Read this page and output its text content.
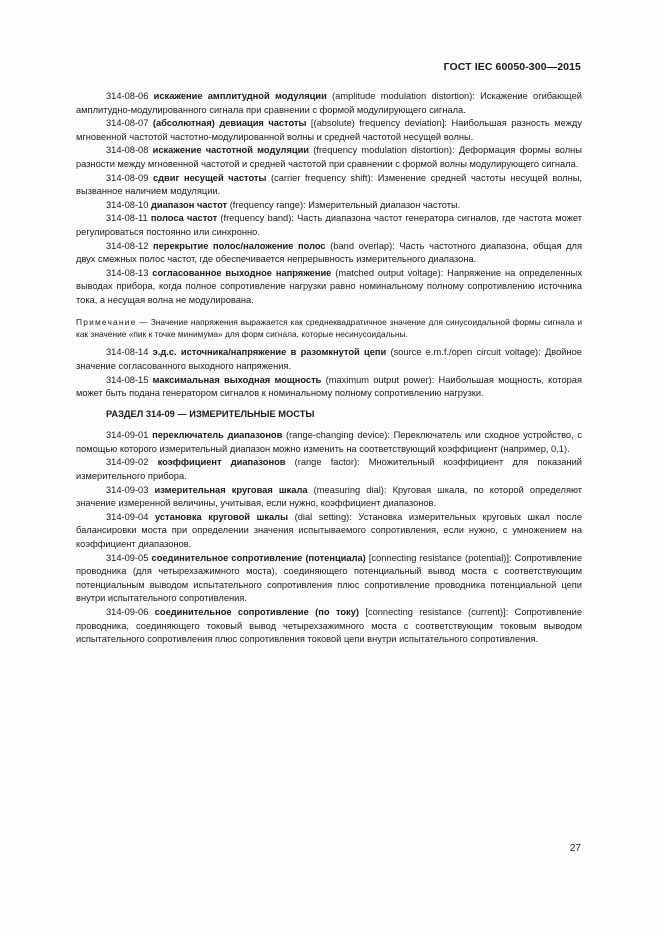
ГОСТ IEC 60050-300—2015

314-08-06 искажение амплитудной модуляции (amplitude modulation distortion): Искажение огибающей амплитудно-модулированного сигнала при сравнении с формой модулирующего сигнала.

314-08-07 (абсолютная) девиация частоты [(absolute) frequency deviation]: Наибольшая разность между мгновенной частотой частотно-модулированной волны и средней частотой несущей волны.

314-08-08 искажение частотной модуляции (frequency modulation distortion): Деформация формы волны разности между мгновенной частотой и средней частотой при сравнении с формой волны модулирующего сигнала.

314-08-09 сдвиг несущей частоты (carrier frequency shift): Изменение средней частоты несущей волны, вызванное наличием модуляции.

314-08-10 диапазон частот (frequency range): Измерительный диапазон частоты.

314-08-11 полоса частот (frequency band): Часть диапазона частот генератора сигналов, где частота может регулироваться постоянно или синхронно.

314-08-12 перекрытие полос/наложение полос (band overlap): Часть частотного диапазона, общая для двух смежных полос частот, где обеспечивается непрерывность измерительного диапазона.

314-08-13 согласованное выходное напряжение (matched output voltage): Напряжение на определенных выводах прибора, когда полное сопротивление нагрузки равно номинальному полному сопротивлению источника тока, а несущая волна не модулирована.

Примечание — Значение напряжения выражается как среднеквадратичное значение для синусоидальной формы сигнала и как значение «пик к точке минимума» для форм сигнала, которые несинусоидальны.

314-08-14 э.д.с. источника/напряжение в разомкнутой цепи (source e.m.f./open circuit voltage): Двойное значение согласованного выходного напряжения.

314-08-15 максимальная выходная мощность (maximum output power): Наибольшая мощность, которая может быть подана генератором сигналов к номинальному полному сопротивлению нагрузки.

РАЗДЕЛ 314-09 — ИЗМЕРИТЕЛЬНЫЕ МОСТЫ

314-09-01 переключатель диапазонов (range-changing device): Переключатель или сходное устройство, с помощью которого измерительный диапазон можно изменить на соответствующий коэффициент (например, 0,1).

314-09-02 коэффициент диапазонов (range factor): Множительный коэффициент для показаний измерительного прибора.

314-09-03 измерительная круговая шкала (measuring dial): Круговая шкала, по которой определяют значение измеренной величины, учитывая, если нужно, коэффициент диапазонов.

314-09-04 установка круговой шкалы (dial setting): Установка измерительных круговых шкал после балансировки моста при определении значения испытываемого сопротивления, если нужно, с умножением на коэффициент диапазонов.

314-09-05 соединительное сопротивление (потенциала) [connecting resistance (potential)]: Сопротивление проводника (для четырехзажимного моста), соединяющего потенциальный вывод моста с соответствующим потенциальным выводом испытательного сопротивления плюс сопротивление проводника потенциальной цепи внутри испытательного сопротивления.

314-09-06 соединительное сопротивление (по току) [connecting resistance (current)]: Сопротивление проводника, соединяющего токовый вывод четырехзажимного моста с соответствующим токовым выводом испытательного сопротивления плюс сопротивления токовой цепи внутри испытательного сопротивления.

27
